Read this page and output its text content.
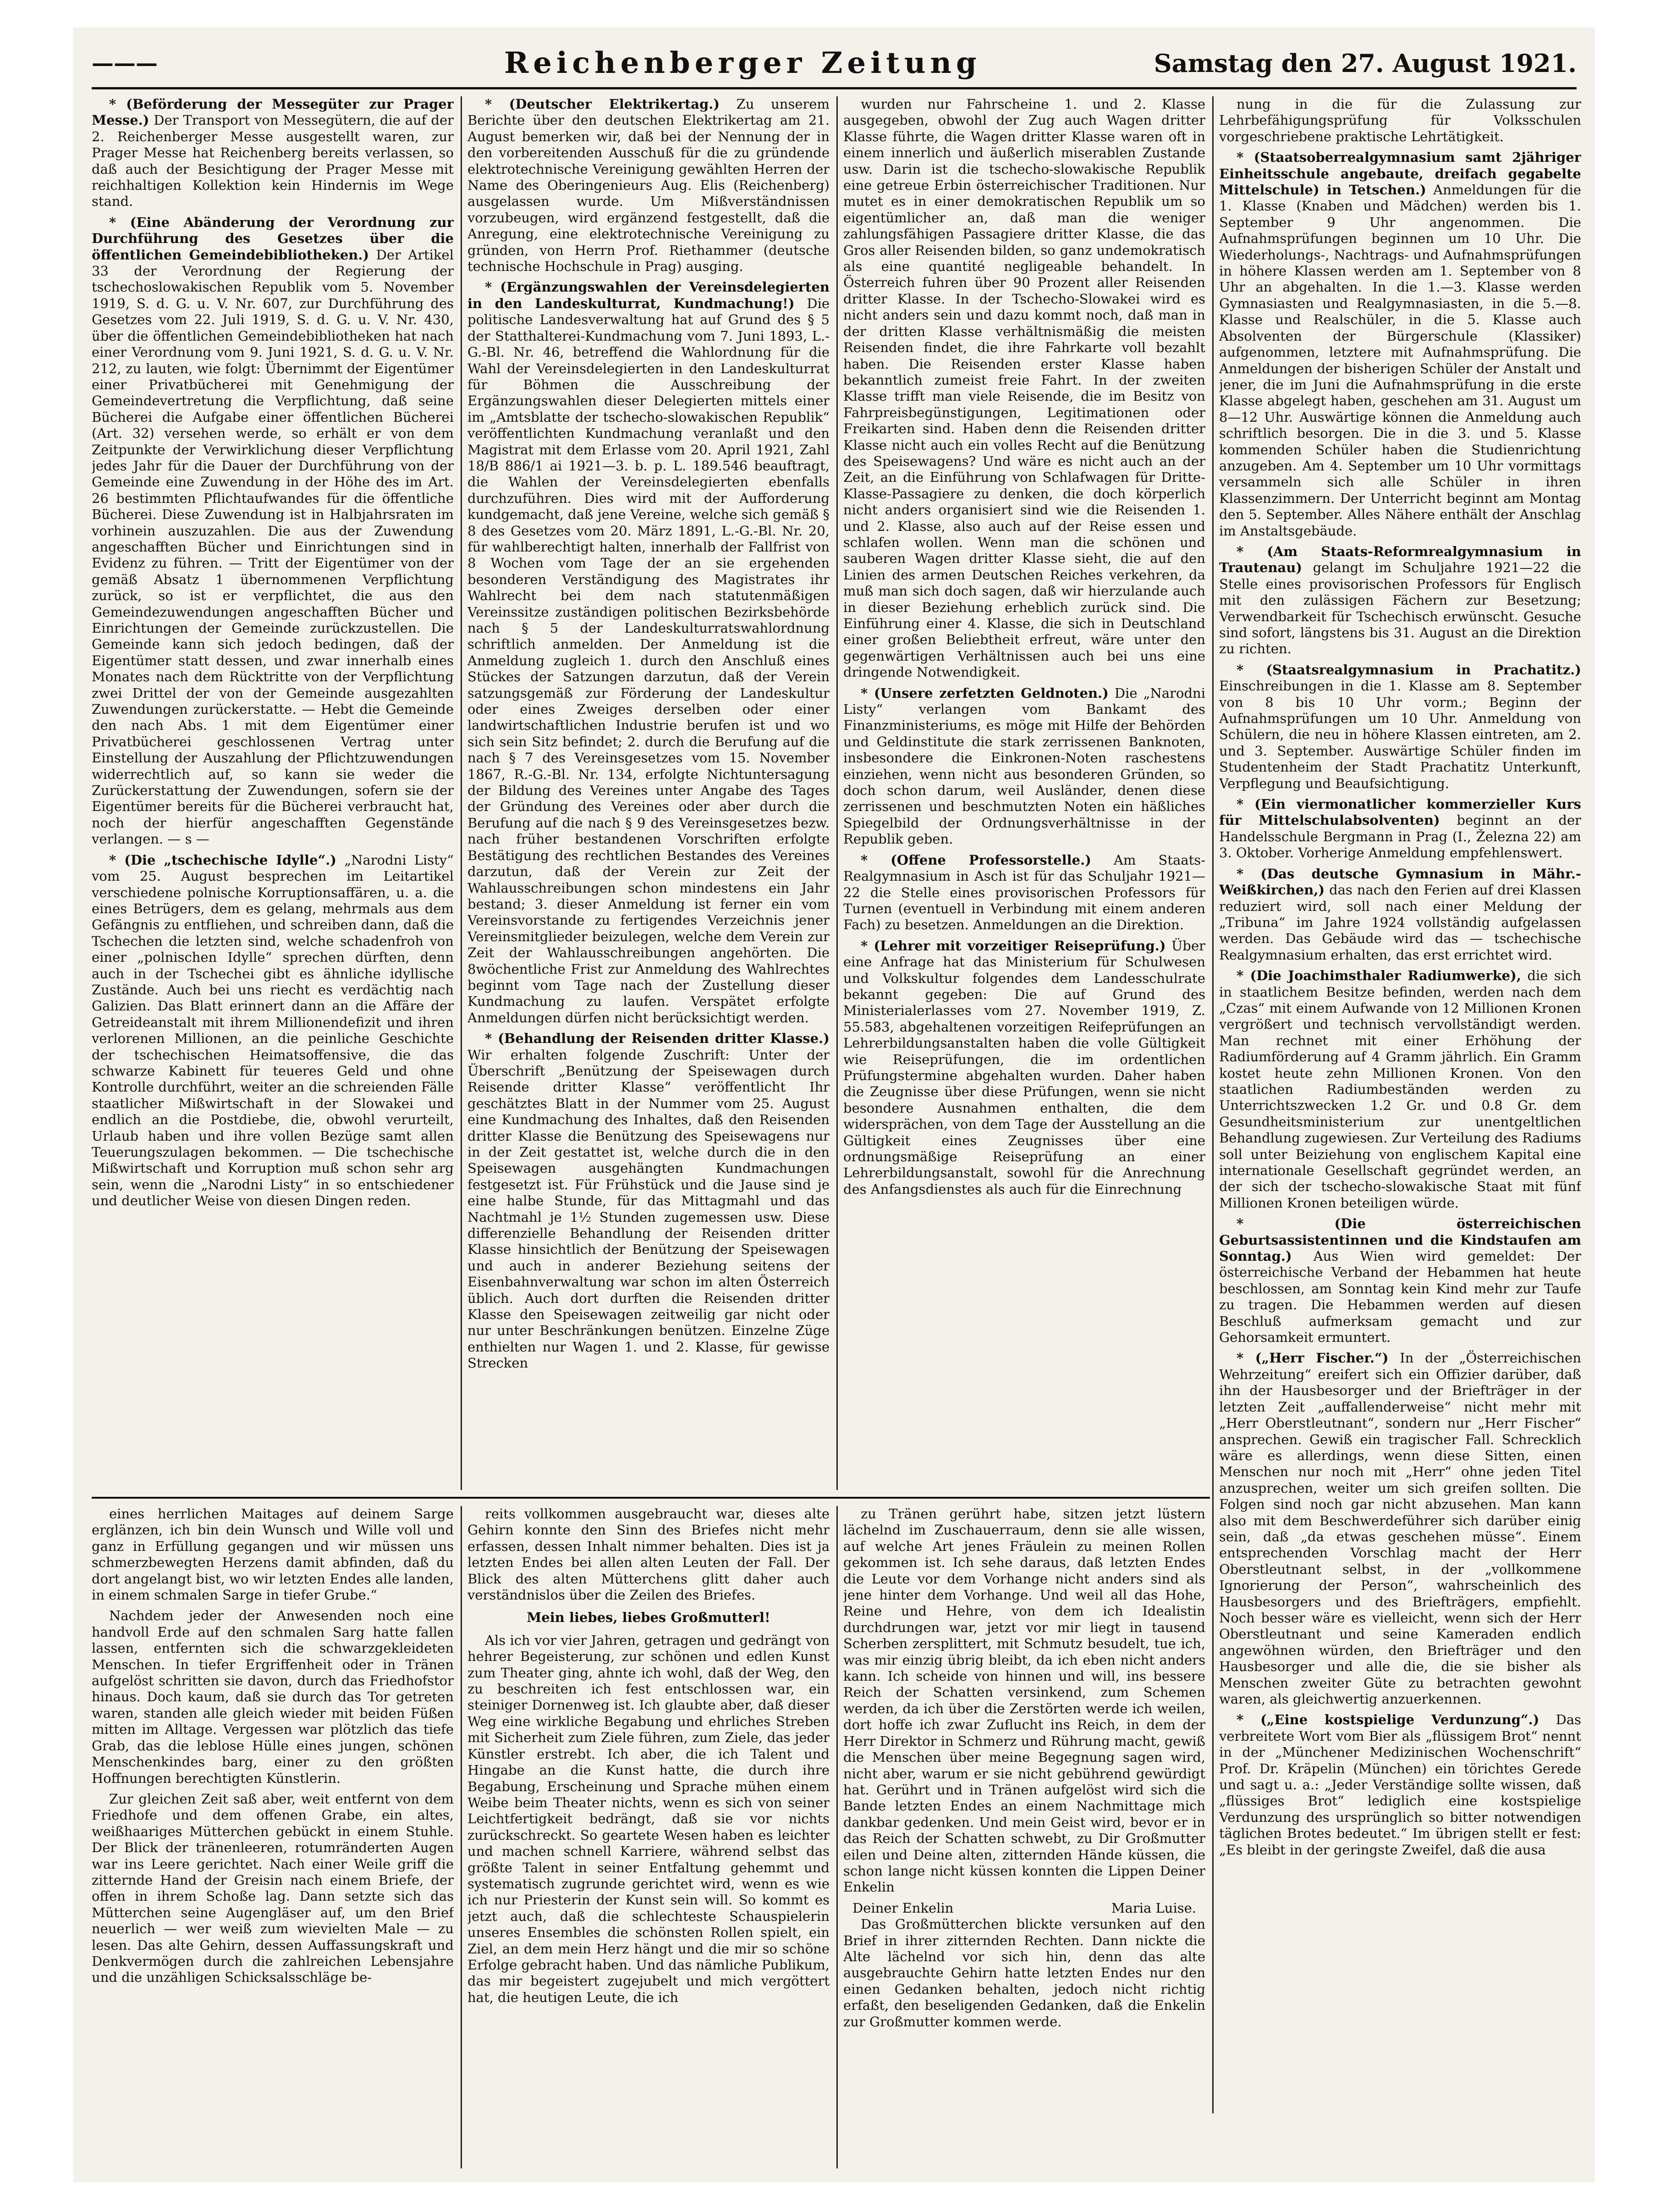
———	Reichenberger Zeitung	Samstag den 27. August 1921.

* (Beförderung der Messegüter zur Prager Messe.) Der Transport von Messegütern, die auf der 2. Reichenberger Messe ausgestellt waren, zur Prager Messe hat Reichenberg bereits verlassen, so daß auch der Besichtigung der Prager Messe mit reichhaltigen Kollektion kein Hindernis im Wege stand.

* (Eine Abänderung der Verordnung zur Durchführung des Gesetzes über die öffentlichen Gemeindebibliotheken.) Der Artikel 33 der Verordnung der Regierung der tschechoslowakischen Republik vom 5. November 1919, S. d. G. u. V. Nr. 607, zur Durchführung des Gesetzes vom 22. Juli 1919, S. d. G. u. V. Nr. 430, über die öffentlichen Gemeindebibliotheken hat nach einer Verordnung vom 9. Juni 1921, S. d. G. u. V. Nr. 212, zu lauten, wie folgt: Übernimmt der Eigentümer einer Privatbücherei mit Genehmigung der Gemeindevertretung die Verpflichtung, daß seine Bücherei die Aufgabe einer öffentlichen Bücherei (Art. 32) versehen werde, so erhält er von dem Zeitpunkte der Verwirklichung dieser Verpflichtung jedes Jahr für die Dauer der Durchführung von der Gemeinde eine Zuwendung in der Höhe des im Art. 26 bestimmten Pflichtaufwandes für die öffentliche Bücherei. Diese Zuwendung ist in Halbjahrsraten im vorhinein auszuzahlen. Die aus der Zuwendung angeschafften Bücher und Einrichtungen sind in Evidenz zu führen. — Tritt der Eigentümer von der gemäß Absatz 1 übernommenen Verpflichtung zurück, so ist er verpflichtet, die aus den Gemeindezuwendungen angeschafften Bücher und Einrichtungen der Gemeinde zurückzustellen. Die Gemeinde kann sich jedoch bedingen, daß der Eigentümer statt dessen, und zwar innerhalb eines Monates nach dem Rücktritte von der Verpflichtung zwei Drittel der von der Gemeinde ausgezahlten Zuwendungen zurückerstatte. — Hebt die Gemeinde den nach Abs. 1 mit dem Eigentümer einer Privatbücherei geschlossenen Vertrag unter Einstellung der Auszahlung der Pflichtzuwendungen widerrechtlich auf, so kann sie weder die Zurückerstattung der Zuwendungen, sofern sie der Eigentümer bereits für die Bücherei verbraucht hat, noch der hierfür angeschafften Gegenstände verlangen. — s —

* (Die „tschechische Idylle“.) „Narodni Listy“ vom 25. August besprechen im Leitartikel verschiedene polnische Korruptionsaffären, u. a. die eines Betrügers, dem es gelang, mehrmals aus dem Gefängnis zu entfliehen, und schreiben dann, daß die Tschechen die letzten sind, welche schadenfroh von einer „polnischen Idylle“ sprechen dürften, denn auch in der Tschechei gibt es ähnliche idyllische Zustände. Auch bei uns riecht es verdächtig nach Galizien. Das Blatt erinnert dann an die Affäre der Getreideanstalt mit ihrem Millionendefizit und ihren verlorenen Millionen, an die peinliche Geschichte der tschechischen Heimatsoffensive, die das schwarze Kabinett für teueres Geld und ohne Kontrolle durchführt, weiter an die schreienden Fälle staatlicher Mißwirtschaft in der Slowakei und endlich an die Postdiebe, die, obwohl verurteilt, Urlaub haben und ihre vollen Bezüge samt allen Teuerungszulagen bekommen. — Die tschechische Mißwirtschaft und Korruption muß schon sehr arg sein, wenn die „Narodni Listy“ in so entschiedener und deutlicher Weise von diesen Dingen reden.

* (Deutscher Elektrikertag.) Zu unserem Berichte über den deutschen Elektrikertag am 21. August bemerken wir, daß bei der Nennung der in den vorbereitenden Ausschuß für die zu gründende elektrotechnische Vereinigung gewählten Herren der Name des Oberingenieurs Aug. Elis (Reichenberg) ausgelassen wurde. Um Mißverständnissen vorzubeugen, wird ergänzend festgestellt, daß die Anregung, eine elektrotechnische Vereinigung zu gründen, von Herrn Prof. Riethammer (deutsche technische Hochschule in Prag) ausging.

* (Ergänzungswahlen der Vereinsdelegierten in den Landeskulturrat, Kundmachung!) Die politische Landesverwaltung hat auf Grund des § 5 der Statthalterei-Kundmachung vom 7. Juni 1893, L.-G.-Bl. Nr. 46, betreffend die Wahlordnung für die Wahl der Vereinsdelegierten in den Landeskulturrat für Böhmen die Ausschreibung der Ergänzungswahlen dieser Delegierten mittels einer im „Amtsblatte der tschecho-slowakischen Republik“ veröffentlichten Kundmachung veranlaßt und den Magistrat mit dem Erlasse vom 20. April 1921, Zahl 18/B 886/1 ai 1921—3. b. p. L. 189.546 beauftragt, die Wahlen der Vereinsdelegierten ebenfalls durchzuführen. Dies wird mit der Aufforderung kundgemacht, daß jene Vereine, welche sich gemäß § 8 des Gesetzes vom 20. März 1891, L.-G.-Bl. Nr. 20, für wahlberechtigt halten, innerhalb der Fallfrist von 8 Wochen vom Tage der an sie ergehenden besonderen Verständigung des Magistrates ihr Wahlrecht bei dem nach statutenmäßigen Vereinssitze zuständigen politischen Bezirksbehörde nach § 5 der Landeskulturratswahlordnung schriftlich anmelden. Der Anmeldung ist die Anmeldung zugleich 1. durch den Anschluß eines Stückes der Satzungen darzutun, daß der Verein satzungsgemäß zur Förderung der Landeskultur oder eines Zweiges derselben oder einer landwirtschaftlichen Industrie berufen ist und wo sich sein Sitz befindet; 2. durch die Berufung auf die nach § 7 des Vereinsgesetzes vom 15. November 1867, R.-G.-Bl. Nr. 134, erfolgte Nichtuntersagung der Bildung des Vereines unter Angabe des Tages der Gründung des Vereines oder aber durch die Berufung auf die nach § 9 des Vereinsgesetzes bezw. nach früher bestandenen Vorschriften erfolgte Bestätigung des rechtlichen Bestandes des Vereines darzutun, daß der Verein zur Zeit der Wahlausschreibungen schon mindestens ein Jahr bestand; 3. dieser Anmeldung ist ferner ein vom Vereinsvorstande zu fertigendes Verzeichnis jener Vereinsmitglieder beizulegen, welche dem Verein zur Zeit der Wahlausschreibungen angehörten. Die 8wöchentliche Frist zur Anmeldung des Wahlrechtes beginnt vom Tage nach der Zustellung dieser Kundmachung zu laufen. Verspätet erfolgte Anmeldungen dürfen nicht berücksichtigt werden.

* (Behandlung der Reisenden dritter Klasse.) Wir erhalten folgende Zuschrift: Unter der Überschrift „Benützung der Speisewagen durch Reisende dritter Klasse“ veröffentlicht Ihr geschätztes Blatt in der Nummer vom 25. August eine Kundmachung des Inhaltes, daß den Reisenden dritter Klasse die Benützung des Speisewagens nur in der Zeit gestattet ist, welche durch die in den Speisewagen ausgehängten Kundmachungen festgesetzt ist. Für Frühstück und die Jause sind je eine halbe Stunde, für das Mittagmahl und das Nachtmahl je 1½ Stunden zugemessen usw. Diese differenzielle Behandlung der Reisenden dritter Klasse hinsichtlich der Benützung der Speisewagen und auch in anderer Beziehung seitens der Eisenbahnverwaltung war schon im alten Österreich üblich. Auch dort durften die Reisenden dritter Klasse den Speisewagen zeitweilig gar nicht oder nur unter Beschränkungen benützen. Einzelne Züge enthielten nur Wagen 1. und 2. Klasse, für gewisse Strecken

wurden nur Fahrscheine 1. und 2. Klasse ausgegeben, obwohl der Zug auch Wagen dritter Klasse führte, die Wagen dritter Klasse waren oft in einem innerlich und äußerlich miserablen Zustande usw. Darin ist die tschecho-slowakische Republik eine getreue Erbin österreichischer Traditionen. Nur mutet es in einer demokratischen Republik um so eigentümlicher an, daß man die weniger zahlungsfähigen Passagiere dritter Klasse, die das Gros aller Reisenden bilden, so ganz undemokratisch als eine quantité negligeable behandelt. In Österreich fuhren über 90 Prozent aller Reisenden dritter Klasse. In der Tschecho-Slowakei wird es nicht anders sein und dazu kommt noch, daß man in der dritten Klasse verhältnismäßig die meisten Reisenden findet, die ihre Fahrkarte voll bezahlt haben. Die Reisenden erster Klasse haben bekanntlich zumeist freie Fahrt. In der zweiten Klasse trifft man viele Reisende, die im Besitz von Fahrpreisbegünstigungen, Legitimationen oder Freikarten sind. Haben denn die Reisenden dritter Klasse nicht auch ein volles Recht auf die Benützung des Speisewagens? Und wäre es nicht auch an der Zeit, an die Einführung von Schlafwagen für Dritte-Klasse-Passagiere zu denken, die doch körperlich nicht anders organisiert sind wie die Reisenden 1. und 2. Klasse, also auch auf der Reise essen und schlafen wollen. Wenn man die schönen und sauberen Wagen dritter Klasse sieht, die auf den Linien des armen Deutschen Reiches verkehren, da muß man sich doch sagen, daß wir hierzulande auch in dieser Beziehung erheblich zurück sind. Die Einführung einer 4. Klasse, die sich in Deutschland einer großen Beliebtheit erfreut, wäre unter den gegenwärtigen Verhältnissen auch bei uns eine dringende Notwendigkeit.

* (Unsere zerfetzten Geldnoten.) Die „Narodni Listy“ verlangen vom Bankamt des Finanzministeriums, es möge mit Hilfe der Behörden und Geldinstitute die stark zerrissenen Banknoten, insbesondere die Einkronen-Noten raschestens einziehen, wenn nicht aus besonderen Gründen, so doch schon darum, weil Ausländer, denen diese zerrissenen und beschmutzten Noten ein häßliches Spiegelbild der Ordnungsverhältnisse in der Republik geben.

* (Offene Professorstelle.) Am Staats-Realgymnasium in Asch ist für das Schuljahr 1921—22 die Stelle eines provisorischen Professors für Turnen (eventuell in Verbindung mit einem anderen Fach) zu besetzen. Anmeldungen an die Direktion.

* (Lehrer mit vorzeitiger Reiseprüfung.) Über eine Anfrage hat das Ministerium für Schulwesen und Volkskultur folgendes dem Landesschulrate bekannt gegeben: Die auf Grund des Ministerialerlasses vom 27. November 1919, Z. 55.583, abgehaltenen vorzeitigen Reifeprüfungen an Lehrerbildungsanstalten haben die volle Gültigkeit wie Reiseprüfungen, die im ordentlichen Prüfungstermine abgehalten wurden. Daher haben die Zeugnisse über diese Prüfungen, wenn sie nicht besondere Ausnahmen enthalten, die dem widersprächen, von dem Tage der Ausstellung an die Gültigkeit eines Zeugnisses über eine ordnungsmäßige Reiseprüfung an einer Lehrerbildungsanstalt, sowohl für die Anrechnung des Anfangsdienstes als auch für die Einrechnung

nung in die für die Zulassung zur Lehrbefähigungsprüfung für Volksschulen vorgeschriebene praktische Lehrtätigkeit.

* (Staatsoberrealgymnasium samt 2jähriger Einheitsschule angebaute, dreifach gegabelte Mittelschule) in Tetschen.) Anmeldungen für die 1. Klasse (Knaben und Mädchen) werden bis 1. September 9 Uhr angenommen. Die Aufnahmsprüfungen beginnen um 10 Uhr. Die Wiederholungs-, Nachtrags- und Aufnahmsprüfungen in höhere Klassen werden am 1. September von 8 Uhr an abgehalten. In die 1.—3. Klasse werden Gymnasiasten und Realgymnasiasten, in die 5.—8. Klasse und Realschüler, in die 5. Klasse auch Absolventen der Bürgerschule (Klassiker) aufgenommen, letztere mit Aufnahmsprüfung. Die Anmeldungen der bisherigen Schüler der Anstalt und jener, die im Juni die Aufnahmsprüfung in die erste Klasse abgelegt haben, geschehen am 31. August um 8—12 Uhr. Auswärtige können die Anmeldung auch schriftlich besorgen. Die in die 3. und 5. Klasse kommenden Schüler haben die Studienrichtung anzugeben. Am 4. September um 10 Uhr vormittags versammeln sich alle Schüler in ihren Klassenzimmern. Der Unterricht beginnt am Montag den 5. September. Alles Nähere enthält der Anschlag im Anstaltsgebäude.

* (Am Staats-Reformrealgymnasium in Trautenau) gelangt im Schuljahre 1921—22 die Stelle eines provisorischen Professors für Englisch mit den zulässigen Fächern zur Besetzung; Verwendbarkeit für Tschechisch erwünscht. Gesuche sind sofort, längstens bis 31. August an die Direktion zu richten.

* (Staatsrealgymnasium in Prachatitz.) Einschreibungen in die 1. Klasse am 8. September von 8 bis 10 Uhr vorm.; Beginn der Aufnahmsprüfungen um 10 Uhr. Anmeldung von Schülern, die neu in höhere Klassen eintreten, am 2. und 3. September. Auswärtige Schüler finden im Studentenheim der Stadt Prachatitz Unterkunft, Verpflegung und Beaufsichtigung.

* (Ein viermonatlicher kommerzieller Kurs für Mittelschulabsolventen) beginnt an der Handelsschule Bergmann in Prag (I., Železna 22) am 3. Oktober. Vorherige Anmeldung empfehlenswert.

* (Das deutsche Gymnasium in Mähr.-Weißkirchen,) das nach den Ferien auf drei Klassen reduziert wird, soll nach einer Meldung der „Tribuna“ im Jahre 1924 vollständig aufgelassen werden. Das Gebäude wird das — tschechische Realgymnasium erhalten, das erst errichtet wird.

* (Die Joachimsthaler Radiumwerke), die sich in staatlichem Besitze befinden, werden nach dem „Czas“ mit einem Aufwande von 12 Millionen Kronen vergrößert und technisch vervollständigt werden. Man rechnet mit einer Erhöhung der Radiumförderung auf 4 Gramm jährlich. Ein Gramm kostet heute zehn Millionen Kronen. Von den staatlichen Radiumbeständen werden zu Unterrichtszwecken 1.2 Gr. und 0.8 Gr. dem Gesundheitsministerium zur unentgeltlichen Behandlung zugewiesen. Zur Verteilung des Radiums soll unter Beiziehung von englischem Kapital eine internationale Gesellschaft gegründet werden, an der sich der tschecho-slowakische Staat mit fünf Millionen Kronen beteiligen würde.

* (Die österreichischen Geburtsassistentinnen und die Kindstaufen am Sonntag.) Aus Wien wird gemeldet: Der österreichische Verband der Hebammen hat heute beschlossen, am Sonntag kein Kind mehr zur Taufe zu tragen. Die Hebammen werden auf diesen Beschluß aufmerksam gemacht und zur Gehorsamkeit ermuntert.

* („Herr Fischer.“) In der „Österreichischen Wehrzeitung“ ereifert sich ein Offizier darüber, daß ihn der Hausbesorger und der Briefträger in der letzten Zeit „auffallenderweise“ nicht mehr mit „Herr Oberstleutnant“, sondern nur „Herr Fischer“ ansprechen. Gewiß ein tragischer Fall. Schrecklich wäre es allerdings, wenn diese Sitten, einen Menschen nur noch mit „Herr“ ohne jeden Titel anzusprechen, weiter um sich greifen sollten. Die Folgen sind noch gar nicht abzusehen. Man kann also mit dem Beschwerdeführer sich darüber einig sein, daß „da etwas geschehen müsse“. Einem entsprechenden Vorschlag macht der Herr Oberstleutnant selbst, in der „vollkommene Ignorierung der Person“, wahrscheinlich des Hausbesorgers und des Briefträgers, empfiehlt. Noch besser wäre es vielleicht, wenn sich der Herr Oberstleutnant und seine Kameraden endlich angewöhnen würden, den Briefträger und den Hausbesorger und alle die, die sie bisher als Menschen zweiter Güte zu betrachten gewohnt waren, als gleichwertig anzuerkennen.

* („Eine kostspielige Verdunzung“.) Das verbreitete Wort vom Bier als „flüssigem Brot“ nennt in der „Münchener Medizinischen Wochenschrift“ Prof. Dr. Kräpelin (München) ein törichtes Gerede und sagt u. a.: „Jeder Verständige sollte wissen, daß „flüssiges Brot“ lediglich eine kostspielige Verdunzung des ursprünglich so bitter notwendigen täglichen Brotes bedeutet.“ Im übrigen stellt er fest: „Es bleibt in der geringste Zweifel, daß die ausa

eines herrlichen Maitages auf deinem Sarge erglänzen, ich bin dein Wunsch und Wille voll und ganz in Erfüllung gegangen und wir müssen uns schmerzbewegten Herzens damit abfinden, daß du dort angelangt bist, wo wir letzten Endes alle landen, in einem schmalen Sarge in tiefer Grube.“

Nachdem jeder der Anwesenden noch eine handvoll Erde auf den schmalen Sarg hatte fallen lassen, entfernten sich die schwarzgekleideten Menschen. In tiefer Ergriffenheit oder in Tränen aufgelöst schritten sie davon, durch das Friedhofstor hinaus. Doch kaum, daß sie durch das Tor getreten waren, standen alle gleich wieder mit beiden Füßen mitten im Alltage. Vergessen war plötzlich das tiefe Grab, das die leblose Hülle eines jungen, schönen Menschenkindes barg, einer zu den größten Hoffnungen berechtigten Künstlerin.

Zur gleichen Zeit saß aber, weit entfernt von dem Friedhofe und dem offenen Grabe, ein altes, weißhaariges Mütterchen gebückt in einem Stuhle. Der Blick der tränenleeren, rotumränderten Augen war ins Leere gerichtet. Nach einer Weile griff die zitternde Hand der Greisin nach einem Briefe, der offen in ihrem Schoße lag. Dann setzte sich das Mütterchen seine Augengläser auf, um den Brief neuerlich — wer weiß zum wievielten Male — zu lesen. Das alte Gehirn, dessen Auffassungskraft und Denkvermögen durch die zahlreichen Lebensjahre und die unzähligen Schicksalsschläge be-

reits vollkommen ausgebraucht war, dieses alte Gehirn konnte den Sinn des Briefes nicht mehr erfassen, dessen Inhalt nimmer behalten. Dies ist ja letzten Endes bei allen alten Leuten der Fall. Der Blick des alten Mütterchens glitt daher auch verständnislos über die Zeilen des Briefes.

Mein liebes, liebes Großmutterl!

Als ich vor vier Jahren, getragen und gedrängt von hehrer Begeisterung, zur schönen und edlen Kunst zum Theater ging, ahnte ich wohl, daß der Weg, den zu beschreiten ich fest entschlossen war, ein steiniger Dornenweg ist. Ich glaubte aber, daß dieser Weg eine wirkliche Begabung und ehrliches Streben mit Sicherheit zum Ziele führen, zum Ziele, das jeder Künstler erstrebt. Ich aber, die ich Talent und Hingabe an die Kunst hatte, die durch ihre Begabung, Erscheinung und Sprache mühen einem Weibe beim Theater nichts, wenn es sich von seiner Leichtfertigkeit bedrängt, daß sie vor nichts zurückschreckt. So geartete Wesen haben es leichter und machen schnell Karriere, während selbst das größte Talent in seiner Entfaltung gehemmt und systematisch zugrunde gerichtet wird, wenn es wie ich nur Priesterin der Kunst sein will. So kommt es jetzt auch, daß die schlechteste Schauspielerin unseres Ensembles die schönsten Rollen spielt, ein Ziel, an dem mein Herz hängt und die mir so schöne Erfolge gebracht haben. Und das nämliche Publikum, das mir begeistert zugejubelt und mich vergöttert hat, die heutigen Leute, die ich

zu Tränen gerührt habe, sitzen jetzt lüstern lächelnd im Zuschauerraum, denn sie alle wissen, auf welche Art jenes Fräulein zu meinen Rollen gekommen ist. Ich sehe daraus, daß letzten Endes die Leute vor dem Vorhange nicht anders sind als jene hinter dem Vorhange. Und weil all das Hohe, Reine und Hehre, von dem ich Idealistin durchdrungen war, jetzt vor mir liegt in tausend Scherben zersplittert, mit Schmutz besudelt, tue ich, was mir einzig übrig bleibt, da ich eben nicht anders kann. Ich scheide von hinnen und will, ins bessere Reich der Schatten versinkend, zum Schemen werden, da ich über die Zerstörten werde ich weilen, dort hoffe ich zwar Zuflucht ins Reich, in dem der Herr Direktor in Schmerz und Rührung macht, gewiß die Menschen über meine Begegnung sagen wird, nicht aber, warum er sie nicht gebührend gewürdigt hat. Gerührt und in Tränen aufgelöst wird sich die Bande letzten Endes an einem Nachmittage mich dankbar gedenken. Und mein Geist wird, bevor er in das Reich der Schatten schwebt, zu Dir Großmutter eilen und Deine alten, zitternden Hände küssen, die schon lange nicht küssen konnten die Lippen Deiner Enkelin

Deiner Enkelin	Maria Luise.

Das Großmütterchen blickte versunken auf den Brief in ihrer zitternden Rechten. Dann nickte die Alte lächelnd vor sich hin, denn das alte ausgebrauchte Gehirn hatte letzten Endes nur den einen Gedanken behalten, jedoch nicht richtig erfaßt, den beseligenden Gedanken, daß die Enkelin zur Großmutter kommen werde.
